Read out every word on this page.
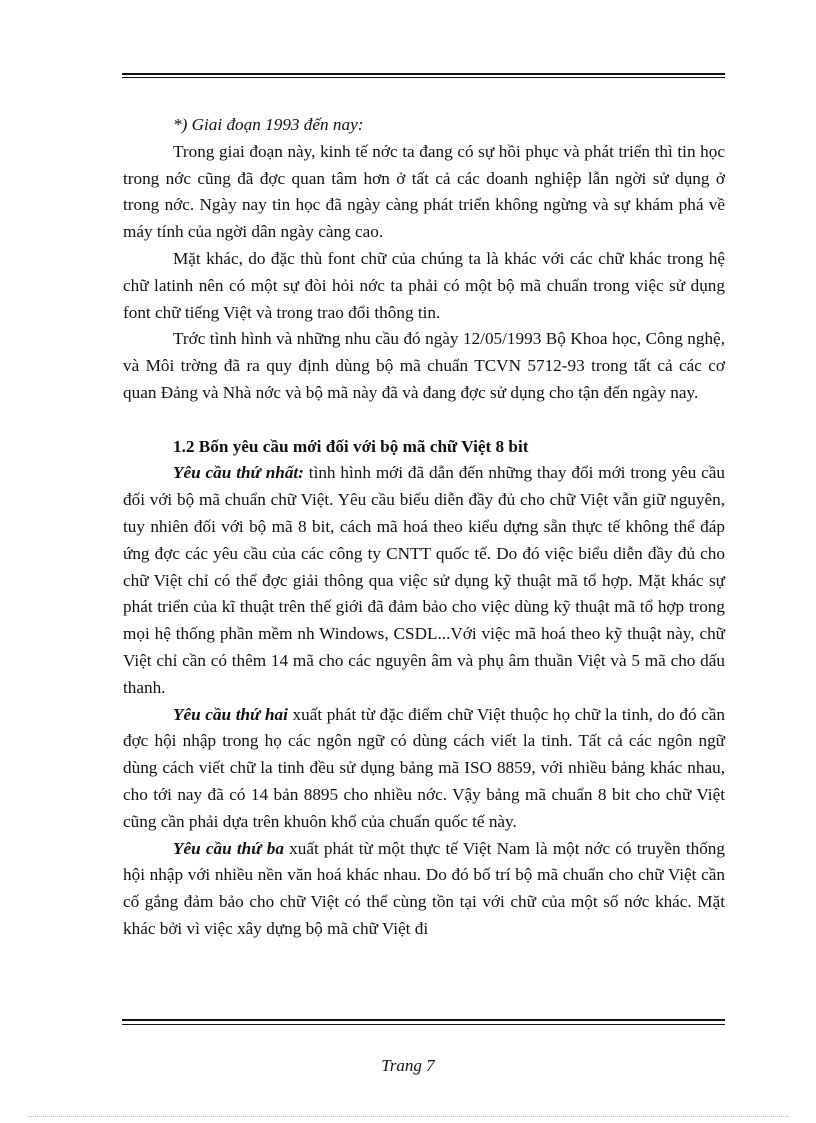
*) Giai đoạn 1993 đến nay:

Trong giai đoạn này, kinh tế nớc ta đang có sự hồi phục và phát triển thì tin học trong nớc cũng đã đợc quan tâm hơn ở tất cả các doanh nghiệp lẫn ngời sử dụng ở trong nớc. Ngày nay tin học đã ngày càng phát triển không ngừng và sự khám phá về máy tính của ngời dân ngày càng cao.

Mặt khác, do đặc thù font chữ của chúng ta là khác với các chữ khác trong hệ chữ latinh nên có một sự đòi hỏi nớc ta phải có một bộ mã chuẩn trong việc sử dụng font chữ tiếng Việt và trong trao đổi thông tin.

Trớc tình hình và những nhu cầu đó ngày 12/05/1993 Bộ Khoa học, Công nghệ, và Môi trờng đã ra quy định dùng bộ mã chuẩn TCVN 5712-93 trong tất cả các cơ quan Đảng và Nhà nớc và bộ mã này đã và đang đợc sử dụng cho tận đến ngày nay.

1.2 Bốn yêu cầu mới đối với bộ mã chữ Việt 8 bit

Yêu cầu thứ nhất: tình hình mới đã dẫn đến những thay đổi mới trong yêu cầu đối với bộ mã chuẩn chữ Việt. Yêu cầu biểu diễn đầy đủ cho chữ Việt vẫn giữ nguyên, tuy nhiên đối với bộ mã 8 bit, cách mã hoá theo kiểu dựng sẵn thực tế không thể đáp ứng đợc các yêu cầu của các công ty CNTT quốc tế. Do đó việc biểu diễn đầy đủ cho chữ Việt chỉ có thể đợc giải thông qua việc sử dụng kỹ thuật mã tổ hợp. Mặt khác sự phát triển của kĩ thuật trên thế giới đã đảm bảo cho việc dùng kỹ thuật mã tổ hợp trong mọi hệ thống phần mềm nh Windows, CSDL...Với việc mã hoá theo kỹ thuật này, chữ Việt chỉ cần có thêm 14 mã cho các nguyên âm và phụ âm thuần Việt và 5 mã cho dấu thanh.

Yêu cầu thứ hai xuất phát từ đặc điểm chữ Việt thuộc họ chữ la tinh, do đó cần đợc hội nhập trong họ các ngôn ngữ có dùng cách viết la tinh. Tất cả các ngôn ngữ dùng cách viết chữ la tinh đều sử dụng bảng mã ISO 8859, với nhiều bảng khác nhau, cho tới nay đã có 14 bản 8895 cho nhiều nớc. Vậy bảng mã chuẩn 8 bit cho chữ Việt cũng cần phải dựa trên khuôn khổ của chuẩn quốc tế này.

Yêu cầu thứ ba xuất phát từ một thực tế Việt Nam là một nớc có truyền thống hội nhập với nhiều nền văn hoá khác nhau. Do đó bố trí bộ mã chuẩn cho chữ Việt cần cố gắng đảm bảo cho chữ Việt có thể cùng tồn tại với chữ của một số nớc khác. Mặt khác bởi vì việc xây dựng bộ mã chữ Việt đi

Trang 7
